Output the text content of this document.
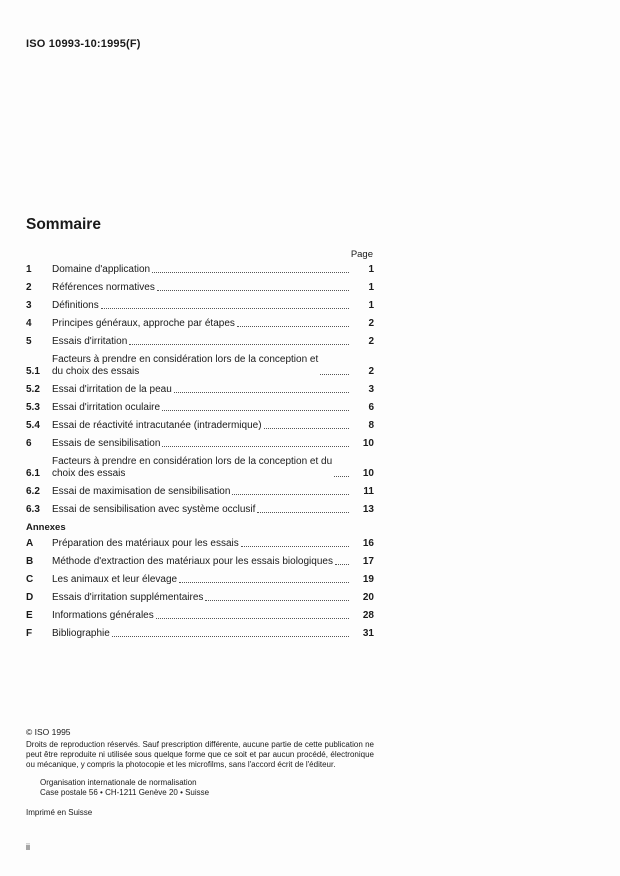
ISO 10993-10:1995(F)
Sommaire
Page
1	Domaine d'application	1
2	Références normatives	1
3	Définitions	1
4	Principes généraux, approche par étapes	2
5	Essais d'irritation	2
5.1
Facteurs à prendre en considération lors de la conception et
du choix des essais	2
5.2	Essai d'irritation de la peau	3
5.3	Essai d'irritation oculaire	6
5.4	Essai de réactivité intracutanée (intradermique)	8
6	Essais de sensibilisation	10
6.1
Facteurs à prendre en considération lors de la conception et du
choix des essais	10
6.2	Essai de maximisation de sensibilisation	11
6.3	Essai de sensibilisation avec système occlusif	13
Annexes
A	Préparation des matériaux pour les essais	16
B	Méthode d'extraction des matériaux pour les essais biologiques	17
C	Les animaux et leur élevage	19
D	Essais d'irritation supplémentaires	20
E	Informations générales	28
F	Bibliographie	31
© ISO 1995
Droits de reproduction réservés. Sauf prescription différente, aucune partie de cette publication ne peut être reproduite ni utilisée sous quelque forme que ce soit et par aucun procédé, électronique ou mécanique, y compris la photocopie et les microfilms, sans l'accord écrit de l'éditeur.
Organisation internationale de normalisation
Case postale 56 • CH-1211 Genève 20 • Suisse
Imprimé en Suisse
ii
